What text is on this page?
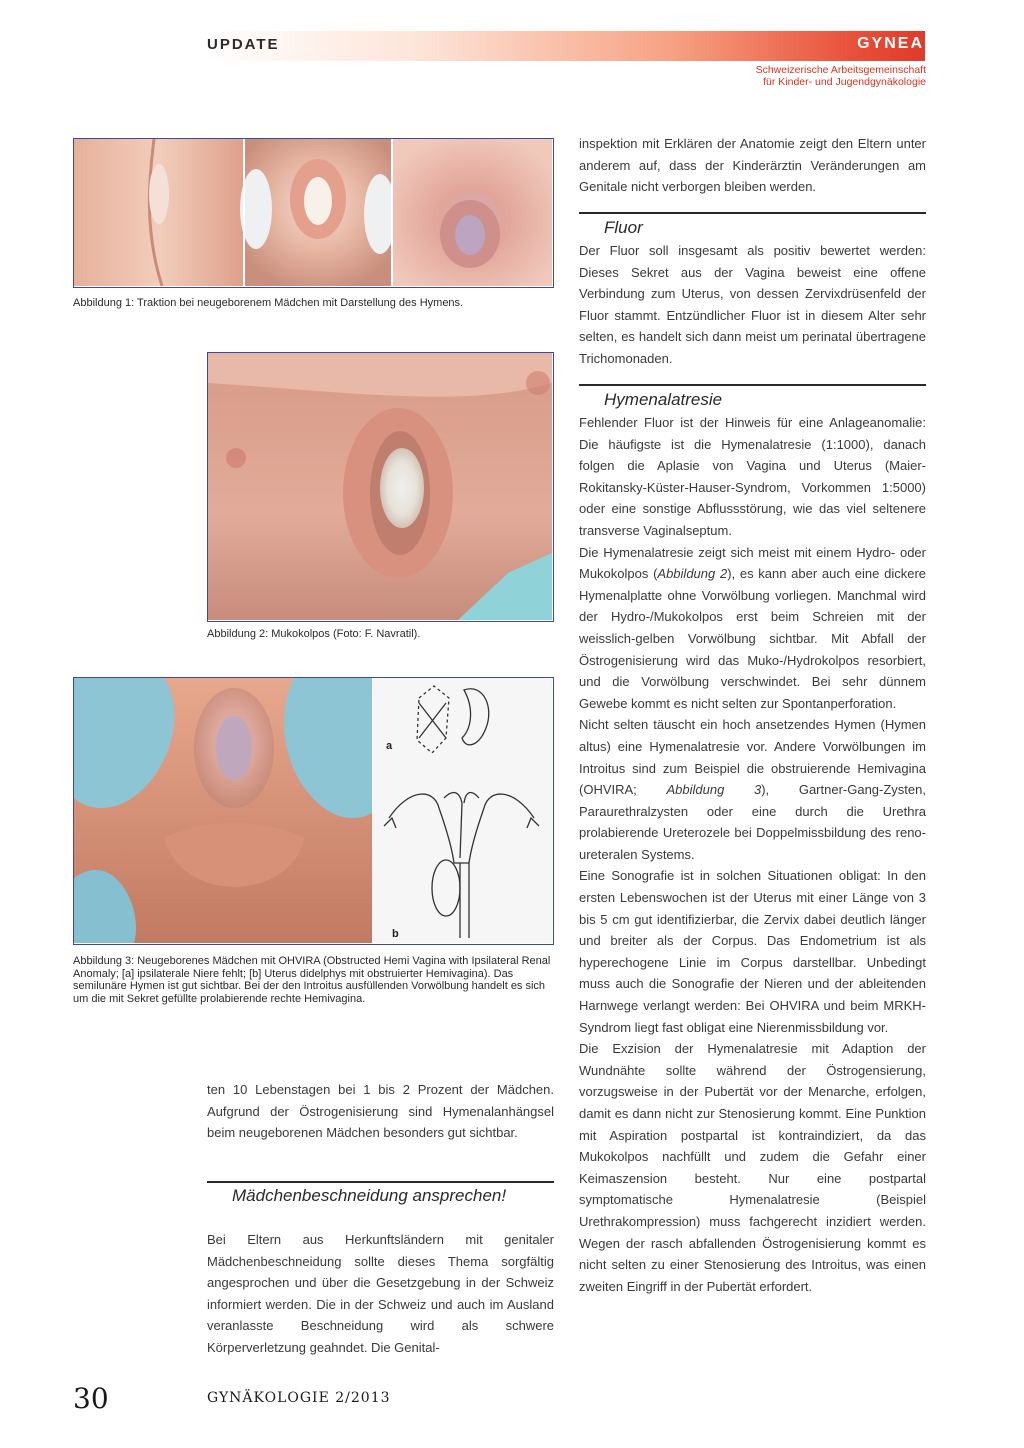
UPDATE	GYNEA
Schweizerische Arbeitsgemeinschaft
für Kinder- und Jugendgynäkologie
Abbildung 1: Traktion bei neugeborenem Mädchen mit Darstellung des Hymens.
Abbildung 2: Mukokolpos (Foto: F. Navratil).
a
b
Abbildung 3: Neugeborenes Mädchen mit OHVIRA (Obstructed Hemi Vagina with Ipsilateral Renal Anomaly; [a] ipsilaterale Niere fehlt; [b] Uterus didelphys mit obstruierter Hemivagina). Das semilunäre Hymen ist gut sichtbar. Bei der den Introitus ausfüllenden Vorwölbung handelt es sich um die mit Sekret gefüllte prolabierende rechte Hemivagina.

ten 10 Lebenstagen bei 1 bis 2 Prozent der Mädchen. Aufgrund der Östrogenisierung sind Hymenalanhängsel beim neugeborenen Mädchen besonders gut sichtbar.

Mädchenbeschneidung ansprechen!

Bei Eltern aus Herkunftsländern mit genitaler Mädchenbeschneidung sollte dieses Thema sorgfältig angesprochen und über die Gesetzgebung in der Schweiz informiert werden. Die in der Schweiz und auch im Ausland veranlasste Beschneidung wird als schwere Körperverletzung geahndet. Die Genital-

inspektion mit Erklären der Anatomie zeigt den Eltern unter anderem auf, dass der Kinderärztin Veränderungen am Genitale nicht verborgen bleiben werden.

Fluor

Der Fluor soll insgesamt als positiv bewertet werden: Dieses Sekret aus der Vagina beweist eine offene Verbindung zum Uterus, von dessen Zervixdrüsenfeld der Fluor stammt. Entzündlicher Fluor ist in diesem Alter sehr selten, es handelt sich dann meist um perinatal übertragene Trichomonaden.

Hymenalatresie

Fehlender Fluor ist der Hinweis für eine Anlageanomalie: Die häufigste ist die Hymenalatresie (1:1000), danach folgen die Aplasie von Vagina und Uterus (Maier-Rokitansky-Küster-Hauser-Syndrom, Vorkommen 1:5000) oder eine sonstige Abflussstörung, wie das viel seltenere transverse Vaginalseptum.

Die Hymenalatresie zeigt sich meist mit einem Hydro- oder Mukokolpos (Abbildung 2), es kann aber auch eine dickere Hymenalplatte ohne Vorwölbung vorliegen. Manchmal wird der Hydro-/Mukokolpos erst beim Schreien mit der weisslich-gelben Vorwölbung sichtbar. Mit Abfall der Östrogenisierung wird das Muko-/Hydrokolpos resorbiert, und die Vorwölbung verschwindet. Bei sehr dünnem Gewebe kommt es nicht selten zur Spontanperforation.

Nicht selten täuscht ein hoch ansetzendes Hymen (Hymen altus) eine Hymenalatresie vor. Andere Vorwölbungen im Introitus sind zum Beispiel die obstruierende Hemivagina (OHVIRA; Abbildung 3), Gartner-Gang-Zysten, Paraurethralzysten oder eine durch die Urethra prolabierende Ureterozele bei Doppelmissbildung des reno-ureteralen Systems.

Eine Sonografie ist in solchen Situationen obligat: In den ersten Lebenswochen ist der Uterus mit einer Länge von 3 bis 5 cm gut identifizierbar, die Zervix dabei deutlich länger und breiter als der Corpus. Das Endometrium ist als hyperechogene Linie im Corpus darstellbar. Unbedingt muss auch die Sonografie der Nieren und der ableitenden Harnwege verlangt werden: Bei OHVIRA und beim MRKH-Syndrom liegt fast obligat eine Nierenmissbildung vor.

Die Exzision der Hymenalatresie mit Adaption der Wundnähte sollte während der Östrogensierung, vorzugsweise in der Pubertät vor der Menarche, erfolgen, damit es dann nicht zur Stenosierung kommt. Eine Punktion mit Aspiration postpartal ist kontraindiziert, da das Mukokolpos nachfüllt und zudem die Gefahr einer Keimaszension besteht. Nur eine postpartal symptomatische Hymenalatresie (Beispiel Urethrakompression) muss fachgerecht inzidiert werden. Wegen der rasch abfallenden Östrogenisierung kommt es nicht selten zu einer Stenosierung des Introitus, was einen zweiten Eingriff in der Pubertät erfordert.

30	GYNÄKOLOGIE 2/2013
